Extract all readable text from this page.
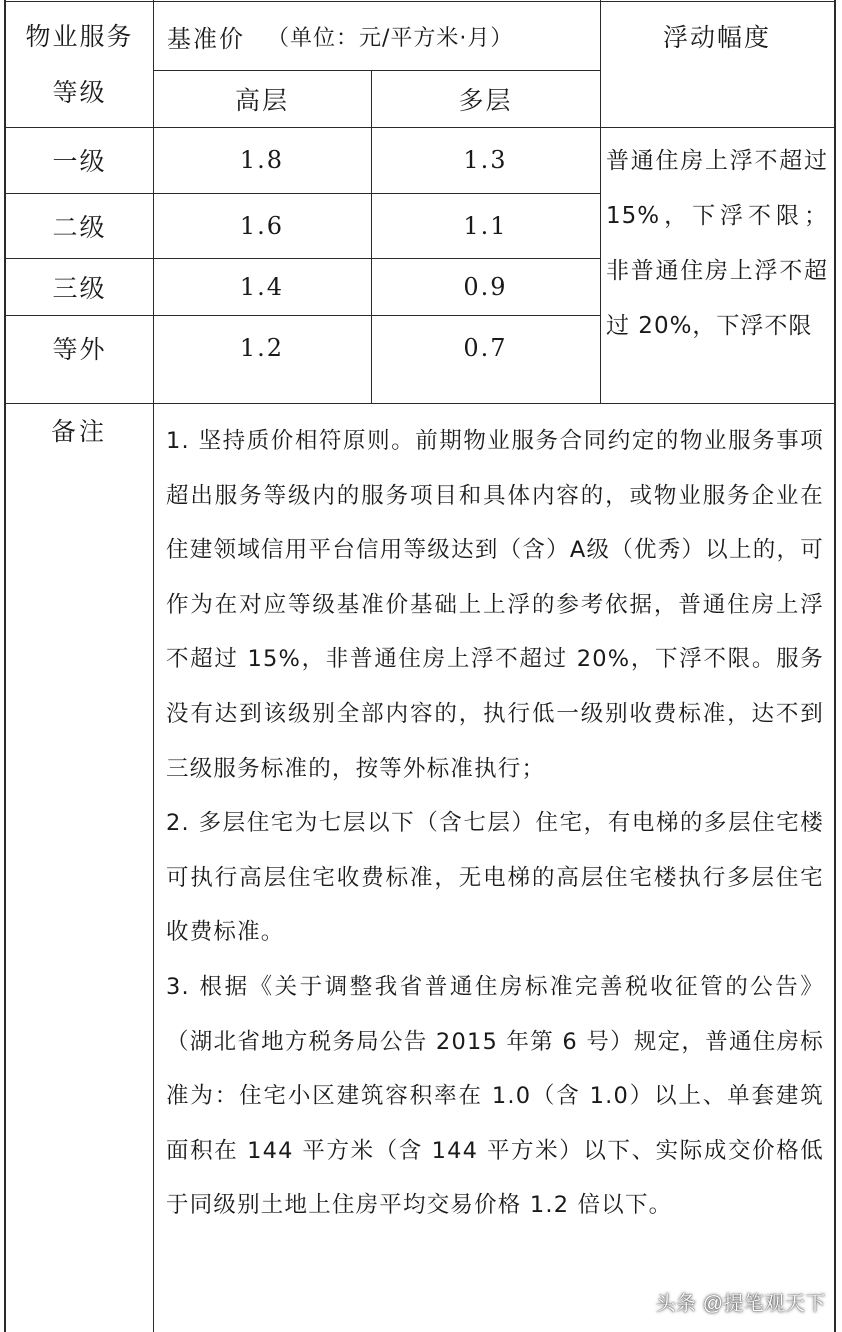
物业服务
等级
基准价 （单位：元/平方米·月）	浮动幅度
高层	多层
一级	1.8	1.3
二级	1.6	1.1
三级	1.4	0.9
等外	1.2	0.7
普通住房上浮不超过 15%，下浮不限；非普通住房上浮不超过 20%，下浮不限
备注	1. 坚持质价相符原则。前期物业服务合同约定的物业服务事项超出服务等级内的服务项目和具体内容的，或物业服务企业在住建领域信用平台信用等级达到（含）A级（优秀）以上的，可作为在对应等级基准价基础上上浮的参考依据，普通住房上浮不超过 15%，非普通住房上浮不超过 20%，下浮不限。服务没有达到该级别全部内容的，执行低一级别收费标准，达不到三级服务标准的，按等外标准执行；

2. 多层住宅为七层以下（含七层）住宅，有电梯的多层住宅楼可执行高层住宅收费标准，无电梯的高层住宅楼执行多层住宅收费标准。

3. 根据《关于调整我省普通住房标准完善税收征管的公告》（湖北省地方税务局公告 2015 年第 6 号）规定，普通住房标准为：住宅小区建筑容积率在 1.0（含 1.0）以上、单套建筑面积在 144 平方米（含 144 平方米）以下、实际成交价格低于同级别土地上住房平均交易价格 1.2 倍以下。

头条 @提笔观天下
